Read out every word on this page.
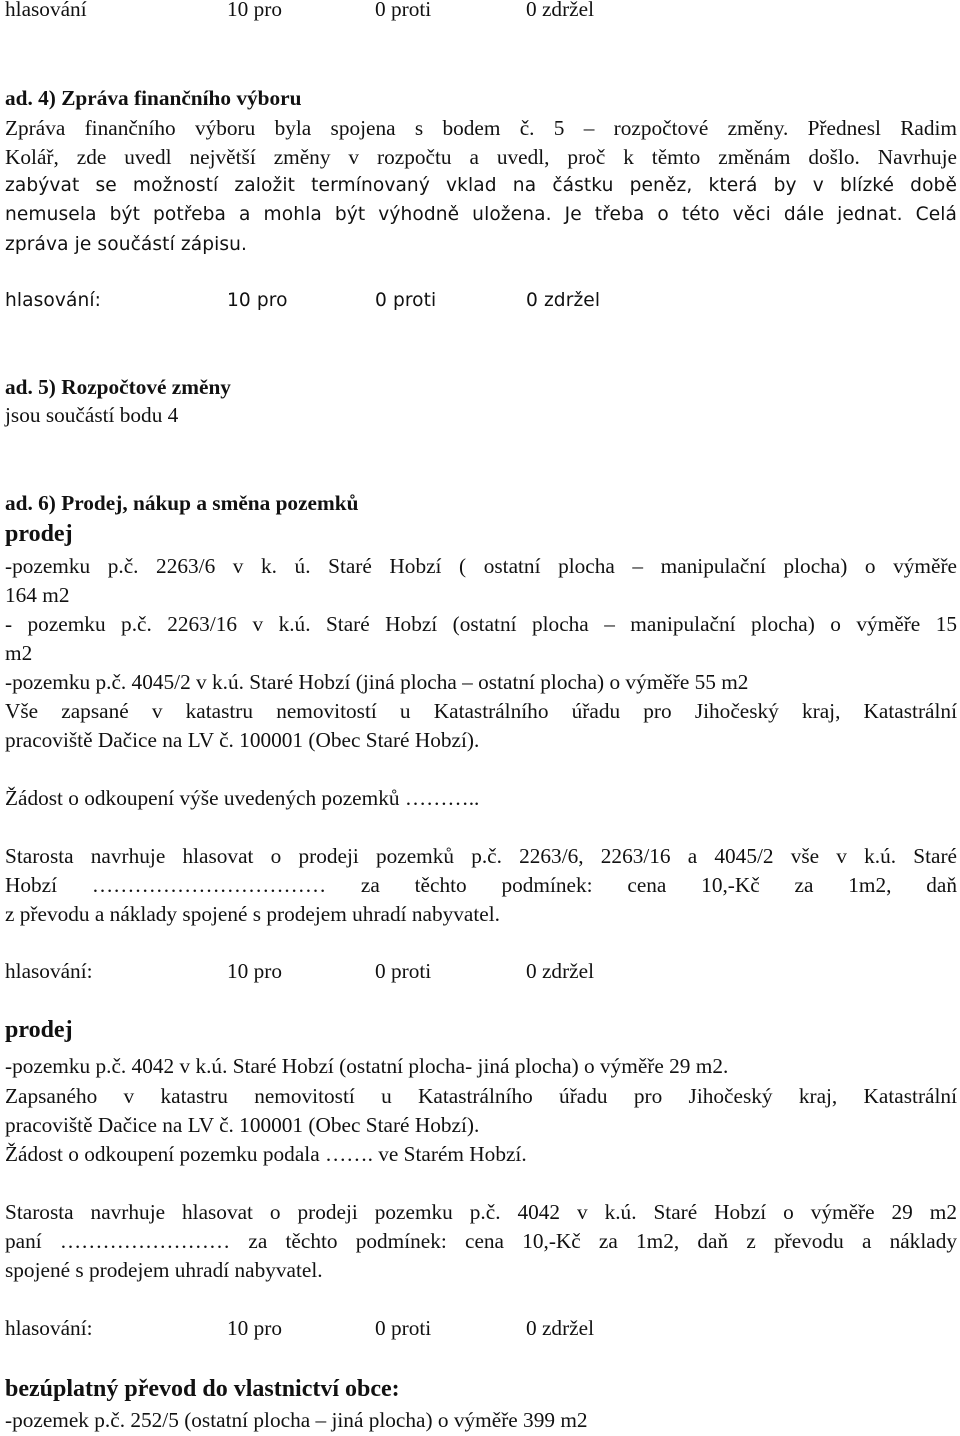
hlasování	10 pro	0 proti	0 zdržel
ad. 4) Zpráva finančního výboru
Zpráva finančního výboru byla spojena s bodem č. 5 – rozpočtové změny. Přednesl Radim
Kolář, zde uvedl největší změny v rozpočtu a uvedl, proč k těmto změnám došlo. Navrhuje
zabývat se možností založit termínovaný vklad na částku peněz, která by v blízké době
nemusela být potřeba a mohla být výhodně uložena. Je třeba o této věci dále jednat. Celá
zpráva je součástí zápisu.
hlasování:	10 pro	0 proti	0 zdržel
ad. 5) Rozpočtové změny
jsou součástí bodu 4
ad. 6) Prodej, nákup a směna pozemků
prodej
-pozemku p.č. 2263/6 v k. ú. Staré Hobzí ( ostatní plocha – manipulační plocha) o výměře
164 m2
- pozemku p.č. 2263/16 v k.ú. Staré Hobzí (ostatní plocha – manipulační plocha) o výměře 15
m2
-pozemku p.č. 4045/2 v k.ú. Staré Hobzí (jiná plocha – ostatní plocha) o výměře 55 m2
Vše zapsané v katastru nemovitostí u Katastrálního úřadu pro Jihočeský kraj, Katastrální
pracoviště Dačice na LV č. 100001 (Obec Staré Hobzí).
Žádost o odkoupení výše uvedených pozemků ………..
Starosta navrhuje hlasovat o prodeji pozemků p.č. 2263/6, 2263/16 a 4045/2 vše v k.ú. Staré
Hobzí …………………………… za těchto podmínek: cena 10,-Kč za 1m2, daň
z převodu a náklady spojené s prodejem uhradí nabyvatel.
hlasování:	10 pro	0 proti	0 zdržel
prodej
-pozemku p.č. 4042 v k.ú. Staré Hobzí (ostatní plocha- jiná plocha) o výměře 29 m2.
Zapsaného v katastru nemovitostí u Katastrálního úřadu pro Jihočeský kraj, Katastrální
pracoviště Dačice na LV č. 100001 (Obec Staré Hobzí).
Žádost o odkoupení pozemku podala ……. ve Starém Hobzí.
Starosta navrhuje hlasovat o prodeji pozemku p.č. 4042 v k.ú. Staré Hobzí o výměře 29 m2
paní …………………… za těchto podmínek: cena 10,-Kč za 1m2, daň z převodu a náklady
spojené s prodejem uhradí nabyvatel.
hlasování:	10 pro	0 proti	0 zdržel
bezúplatný převod do vlastnictví obce:
-pozemek p.č. 252/5 (ostatní plocha – jiná plocha) o výměře 399 m2
